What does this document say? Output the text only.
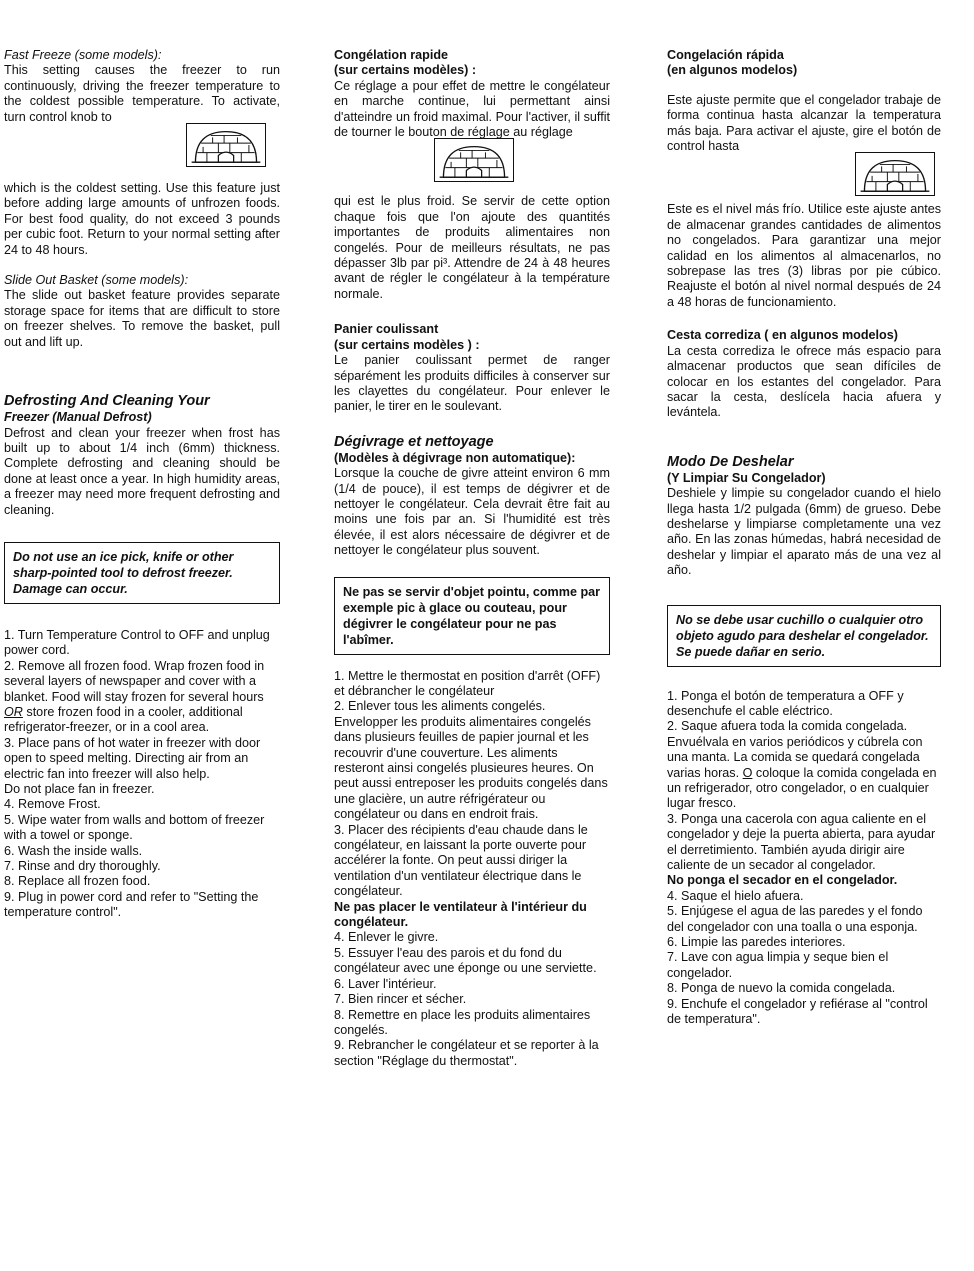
Fast Freeze (some models):

This setting causes the freezer to run continuously, driving the freezer temperature to the coldest possible temperature. To activate, turn control knob to

which is the coldest setting. Use this feature just before adding large amounts of unfrozen foods. For best food quality, do not exceed 3 pounds per cubic foot. Return to your normal setting after 24 to 48 hours.

Slide Out Basket (some models):

The slide out basket feature provides separate storage space for items that are difficult to store on freezer shelves. To remove the basket, pull out and lift up.

Defrosting And Cleaning Your

Freezer (Manual Defrost)

Defrost and clean your freezer when frost has built up to about 1/4 inch (6mm) thickness. Complete defrosting and cleaning should be done at least once a year. In high humidity areas, a freezer may need more frequent defrosting and cleaning.

Do not use an ice pick, knife or other sharp-pointed tool to defrost freezer. Damage can occur.
1. Turn Temperature Control to OFF and unplug power cord.
2. Remove all frozen food. Wrap frozen food in several layers of newspaper and cover with a blanket. Food will stay frozen for several hours OR store frozen food in a cooler, additional refrigerator-freezer, or in a cool area.
3. Place pans of hot water in freezer with door open to speed melting. Directing air from an electric fan into freezer will also help.
Do not place fan in freezer.
4. Remove Frost.
5. Wipe water from walls and bottom of freezer with a towel or sponge.
6. Wash the inside walls.
7. Rinse and dry thoroughly.
8. Replace all frozen food.
9. Plug in power cord and refer to "Setting the temperature control".

Congélation rapide

(sur certains modèles) :

Ce réglage a pour effet de mettre le congélateur en marche continue, lui permettant ainsi d'atteindre un froid maximal. Pour l'activer, il suffit de tourner le bouton de réglage au réglage

qui est le plus froid. Se servir de cette option chaque fois que l'on ajoute des quantités importantes de produits alimentaires non congelés. Pour de meilleurs résultats, ne pas dépasser 3lb par pi³. Attendre de 24 à 48 heures avant de régler le congélateur à la température normale.

Panier coulissant

(sur certains modèles ) :

Le panier coulissant permet de ranger séparément les produits difficiles à conserver sur les clayettes du congélateur. Pour enlever le panier, le tirer en le soulevant.

Dégivrage et nettoyage

(Modèles à dégivrage non automatique):

Lorsque la couche de givre atteint environ 6 mm (1/4 de pouce), il est temps de dégivrer et de nettoyer le congélateur. Cela devrait être fait au moins une fois par an. Si l'humidité est très élevée, il est alors nécessaire de dégivrer et de nettoyer le congélateur plus souvent.

Ne pas se servir d'objet pointu, comme par exemple pic à glace ou couteau, pour dégivrer le congélateur pour ne pas l'abîmer.
1. Mettre le thermostat en position d'arrêt (OFF) et débrancher le congélateur
2. Enlever tous les aliments congelés. Envelopper les produits alimentaires congelés dans plusieurs feuilles de papier journal et les recouvrir d'une couverture. Les aliments resteront ainsi congelés plusieures heures. On peut aussi entreposer les produits congelés dans une glacière, un autre réfrigérateur ou congélateur ou dans en endroit frais.
3. Placer des récipients d'eau chaude dans le congélateur, en laissant la porte ouverte pour accélérer la fonte. On peut aussi diriger la ventilation d'un ventilateur électrique dans le congélateur.
Ne pas placer le ventilateur à l'intérieur du congélateur.
4. Enlever le givre.
5. Essuyer l'eau des parois et du fond du congélateur avec une éponge ou une serviette.
6. Laver l'intérieur.
7. Bien rincer et sécher.
8. Remettre en place les produits alimentaires congelés.
9. Rebrancher le congélateur et se reporter à la section "Réglage du thermostat".

Congelación rápida

(en algunos modelos)

Este ajuste permite que el congelador trabaje de forma continua hasta alcanzar la temperatura más baja. Para activar el ajuste, gire el botón de control hasta

Este es el nivel más frío. Utilice este ajuste antes de almacenar grandes cantidades de alimentos no congelados. Para garantizar una mejor calidad en los alimentos al almacenarlos, no sobrepase las tres (3) libras por pie cúbico. Reajuste el botón al nivel normal después de 24 a 48 horas de funcionamiento.

Cesta corrediza ( en algunos modelos)

La cesta corrediza le ofrece más espacio para almacenar productos que sean difíciles de colocar en los estantes del congelador. Para sacar la cesta, deslícela hacia afuera y levántela.

Modo De Deshelar

(Y Limpiar Su Congelador)

Deshiele y limpie su congelador cuando el hielo llega hasta 1/2 pulgada (6mm) de grueso. Debe deshelarse y limpiarse completamente una vez año. En las zonas húmedas, habrá necesidad de deshelar y limpiar el aparato más de una vez al año.

No se debe usar cuchillo o cualquier otro objeto agudo para deshelar el congelador. Se puede dañar en serio.
1. Ponga el botón de temperatura a OFF y desenchufe el cable eléctrico.
2. Saque afuera toda la comida congelada. Envuélvala en varios periódicos y cúbrela con una manta. La comida se quedará congelada varias horas. O coloque la comida congelada en un refrigerador, otro congelador, o en cualquier lugar fresco.
3. Ponga una cacerola con agua caliente en el congelador y deje la puerta abierta, para ayudar el derretimiento. También ayuda dirigir aire caliente de un secador al congelador.
No ponga el secador en el congelador.
4. Saque el hielo afuera.
5. Enjúgese el agua de las paredes y el fondo del congelador con una toalla o una esponja.
6. Limpie las paredes interiores.
7. Lave con agua limpia y seque bien el congelador.
8. Ponga de nuevo la comida congelada.
9. Enchufe el congelador y refiérase al "control de temperatura".
